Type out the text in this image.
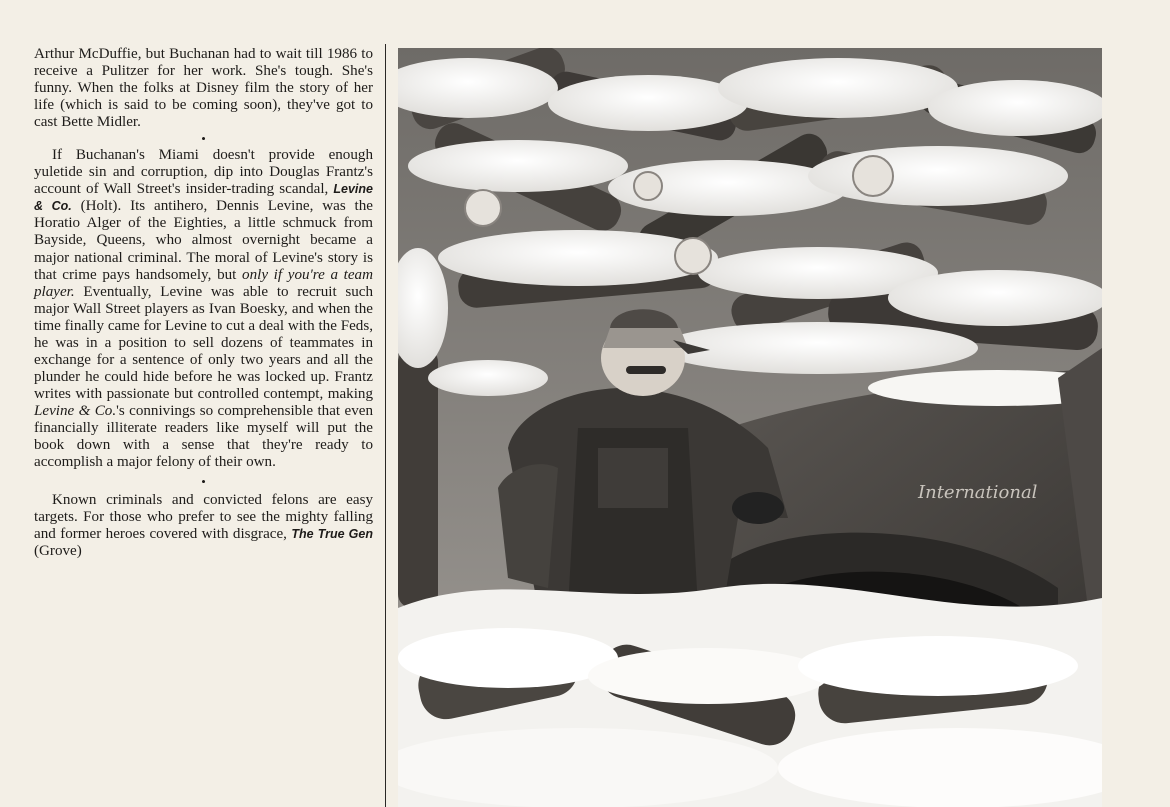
Arthur McDuffie, but Buchanan had to wait till 1986 to receive a Pulitzer for her work. She's tough. She's funny. When the folks at Disney film the story of her life (which is said to be coming soon), they've got to cast Bette Midler.

•

If Buchanan's Miami doesn't provide enough yuletide sin and corruption, dip into Douglas Frantz's account of Wall Street's insider-trading scandal, Levine & Co. (Holt). Its antihero, Dennis Levine, was the Horatio Alger of the Eighties, a little schmuck from Bayside, Queens, who almost overnight became a major national criminal. The moral of Levine's story is that crime pays handsomely, but only if you're a team player. Eventually, Levine was able to recruit such major Wall Street players as Ivan Boesky, and when the time finally came for Levine to cut a deal with the Feds, he was in a position to sell dozens of teammates in exchange for a sentence of only two years and all the plunder he could hide before he was locked up. Frantz writes with passionate but controlled contempt, making Levine & Co.'s connivings so comprehensible that even financially illiterate readers like myself will put the book down with a sense that they're ready to accomplish a major felony of their own.

•

Known criminals and convicted felons are easy targets. For those who prefer to see the mighty falling and former heroes covered with disgrace, The True Gen (Grove)

International
